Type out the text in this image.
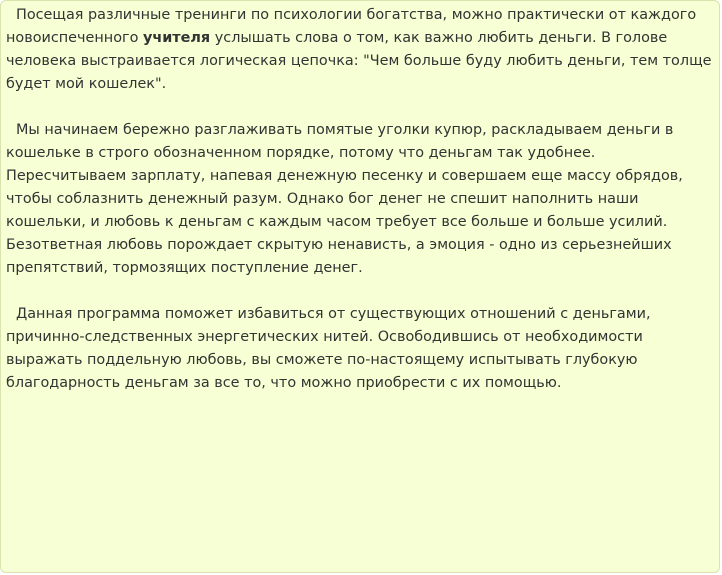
Посещая различные тренинги по психологии богатства, можно практически от каждого новоиспеченного учителя услышать слова о том, как важно любить деньги. В голове человека выстраивается логическая цепочка: "Чем больше буду любить деньги, тем толще будет мой кошелек".

Мы начинаем бережно разглаживать помятые уголки купюр, раскладываем деньги в кошельке в строго обозначенном порядке, потому что деньгам так удобнее. Пересчитываем зарплату, напевая денежную песенку и совершаем еще массу обрядов, чтобы соблазнить денежный разум. Однако бог денег не спешит наполнить наши кошельки, и любовь к деньгам с каждым часом требует все больше и больше усилий. Безответная любовь порождает скрытую ненависть, а эмоция - одно из серьезнейших препятствий, тормозящих поступление денег.

Данная программа поможет избавиться от существующих отношений с деньгами, причинно-следственных энергетических нитей. Освободившись от необходимости выражать поддельную любовь, вы сможете по-настоящему испытывать глубокую благодарность деньгам за все то, что можно приобрести с их помощью.
